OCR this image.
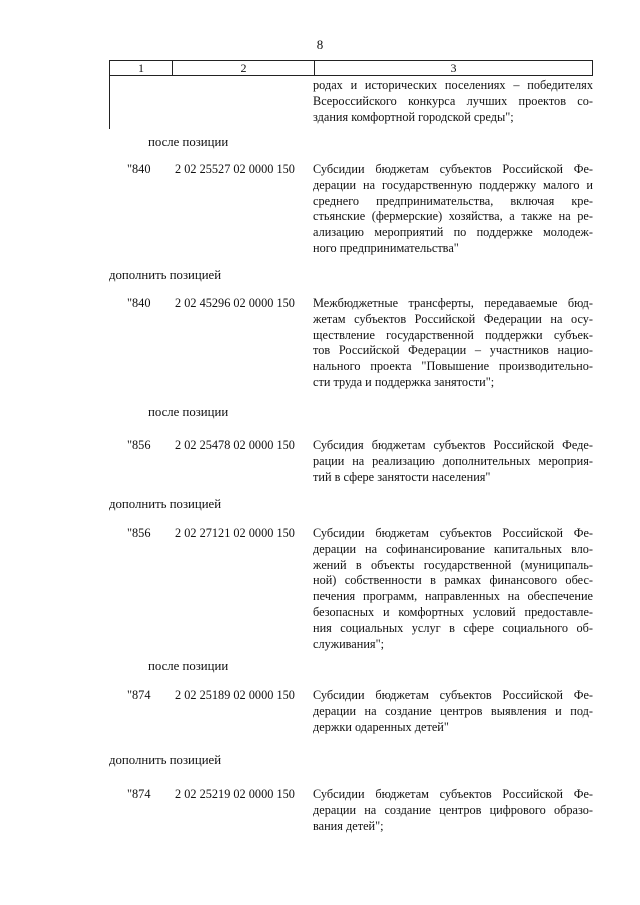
8
1	2	3
родах и исторических поселениях – победителях
Всероссийского конкурса лучших проектов со-
здания комфортной городской среды";
после позиции
"840 2 02 25527 02 0000 150 Субсидии бюджетам субъектов Российской Фе-
дерации на государственную поддержку малого и
среднего предпринимательства, включая кре-
стьянские (фермерские) хозяйства, а также на ре-
ализацию мероприятий по поддержке молодеж-
ного предпринимательства"
дополнить позицией
"840 2 02 45296 02 0000 150 Межбюджетные трансферты, передаваемые бюд-
жетам субъектов Российской Федерации на осу-
ществление государственной поддержки субъек-
тов Российской Федерации – участников нацио-
нального проекта "Повышение производительно-
сти труда и поддержка занятости";
после позиции
"856 2 02 25478 02 0000 150 Субсидия бюджетам субъектов Российской Феде-
рации на реализацию дополнительных мероприя-
тий в сфере занятости населения"
дополнить позицией
"856 2 02 27121 02 0000 150 Субсидии бюджетам субъектов Российской Фе-
дерации на софинансирование капитальных вло-
жений в объекты государственной (муниципаль-
ной) собственности в рамках финансового обес-
печения программ, направленных на обеспечение
безопасных и комфортных условий предоставле-
ния социальных услуг в сфере социального об-
служивания";
после позиции
"874 2 02 25189 02 0000 150 Субсидии бюджетам субъектов Российской Фе-
дерации на создание центров выявления и под-
держки одаренных детей"
дополнить позицией
"874 2 02 25219 02 0000 150 Субсидии бюджетам субъектов Российской Фе-
дерации на создание центров цифрового образо-
вания детей";
